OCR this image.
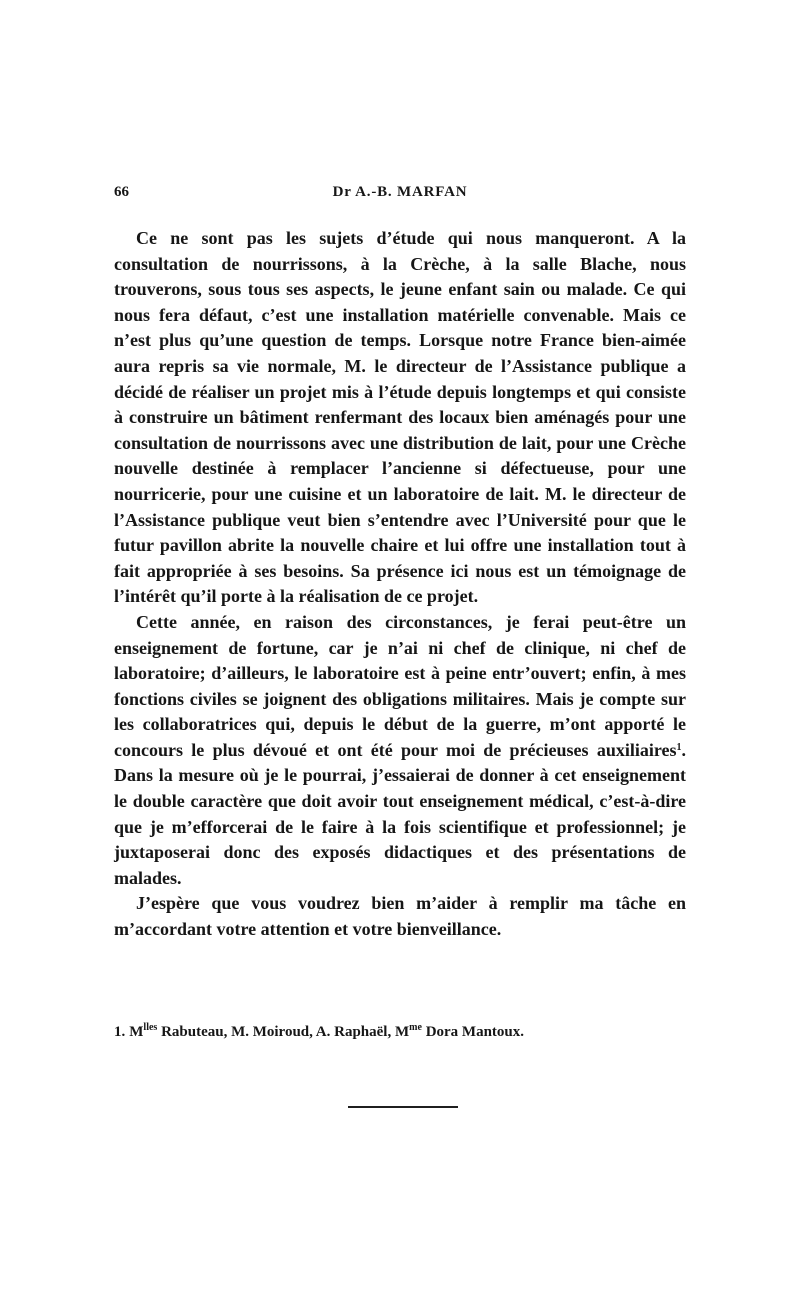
66	Dr A.-B. MARFAN

Ce ne sont pas les sujets d’étude qui nous manqueront. A la consultation de nourrissons, à la Crèche, à la salle Blache, nous trouverons, sous tous ses aspects, le jeune enfant sain ou malade. Ce qui nous fera défaut, c’est une installation matérielle convenable. Mais ce n’est plus qu’une question de temps. Lorsque notre France bien-aimée aura repris sa vie normale, M. le directeur de l’Assistance publique a décidé de réaliser un projet mis à l’étude depuis longtemps et qui consiste à construire un bâtiment renfermant des locaux bien aménagés pour une consultation de nourrissons avec une distribution de lait, pour une Crèche nouvelle destinée à remplacer l’ancienne si défectueuse, pour une nourricerie, pour une cuisine et un laboratoire de lait. M. le directeur de l’Assistance publique veut bien s’entendre avec l’Université pour que le futur pavillon abrite la nouvelle chaire et lui offre une installation tout à fait appropriée à ses besoins. Sa présence ici nous est un témoignage de l’intérêt qu’il porte à la réalisation de ce projet.

Cette année, en raison des circonstances, je ferai peut-être un enseignement de fortune, car je n’ai ni chef de clinique, ni chef de laboratoire; d’ailleurs, le laboratoire est à peine entr’ouvert; enfin, à mes fonctions civiles se joignent des obligations militaires. Mais je compte sur les collaboratrices qui, depuis le début de la guerre, m’ont apporté le concours le plus dévoué et ont été pour moi de précieuses auxiliaires$^1$. Dans la mesure où je le pourrai, j’essaierai de donner à cet enseignement le double caractère que doit avoir tout enseignement médical, c’est-à-dire que je m’efforcerai de le faire à la fois scientifique et professionnel; je juxtaposerai donc des exposés didactiques et des présentations de malades.

J’espère que vous voudrez bien m’aider à remplir ma tâche en m’accordant votre attention et votre bienveillance.

1. $M^{lles}$ Rabuteau, M. Moiroud, A. Raphaël, $M^{me}$ Dora Mantoux.
